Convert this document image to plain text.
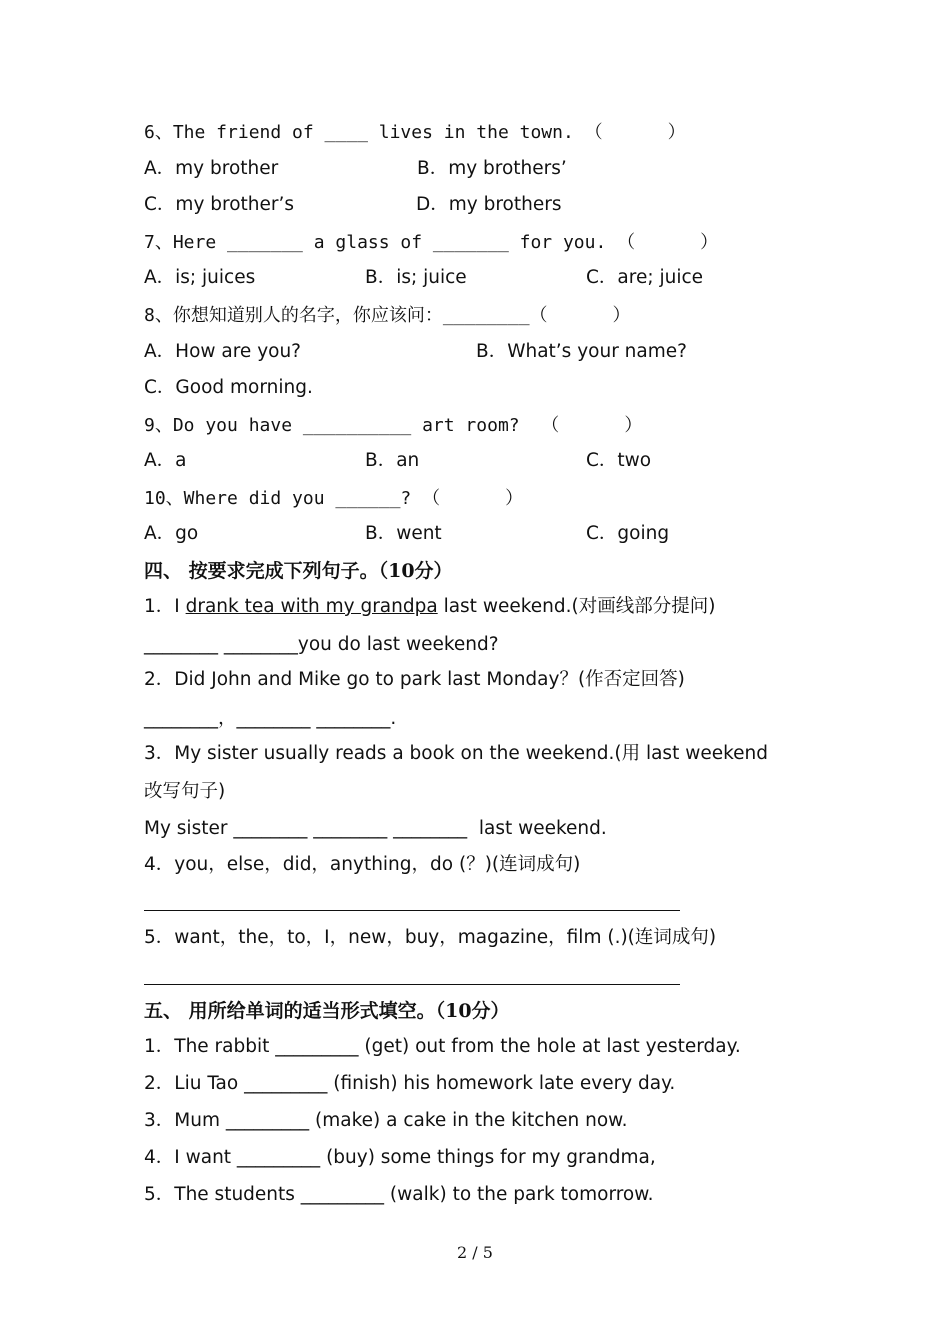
6、The friend of ____ lives in the town. （      ）
A．my brother	B．my brothers’
C．my brother’s	D．my brothers
7、Here _______ a glass of _______ for you. （      ）
A．is; juices	B．is; juice	C．are; juice
8、你想知道别人的名字，你应该问：________（      ）
A．How are you?	B．What’s your name?
C．Good morning.
9、Do you have __________ art room?  （      ）
A．a	B．an	C．two
10、Where did you ______? （      ）
A．go	B．went	C．going
四、 按要求完成下列句子。（10分）
1．I drank tea with my grandpa last weekend.(对画线部分提问)
________ ________you do last weekend?
2．Did John and Mike go to park last Monday？(作否定回答)
________，________ ________.
3．My sister usually reads a book on the weekend.(用 last weekend
改写句子)
My sister ________ ________ ________  last weekend.
4．you，else，did，anything，do (？)(连词成句)
5．want，the，to，I，new，buy，magazine，film (.)(连词成句)
五、 用所给单词的适当形式填空。（10分）
1．The rabbit _________ (get) out from the hole at last yesterday.
2．Liu Tao _________ (finish) his homework late every day.
3．Mum _________ (make) a cake in the kitchen now.
4．I want _________ (buy) some things for my grandma,
5．The students _________ (walk) to the park tomorrow.
2 / 5
